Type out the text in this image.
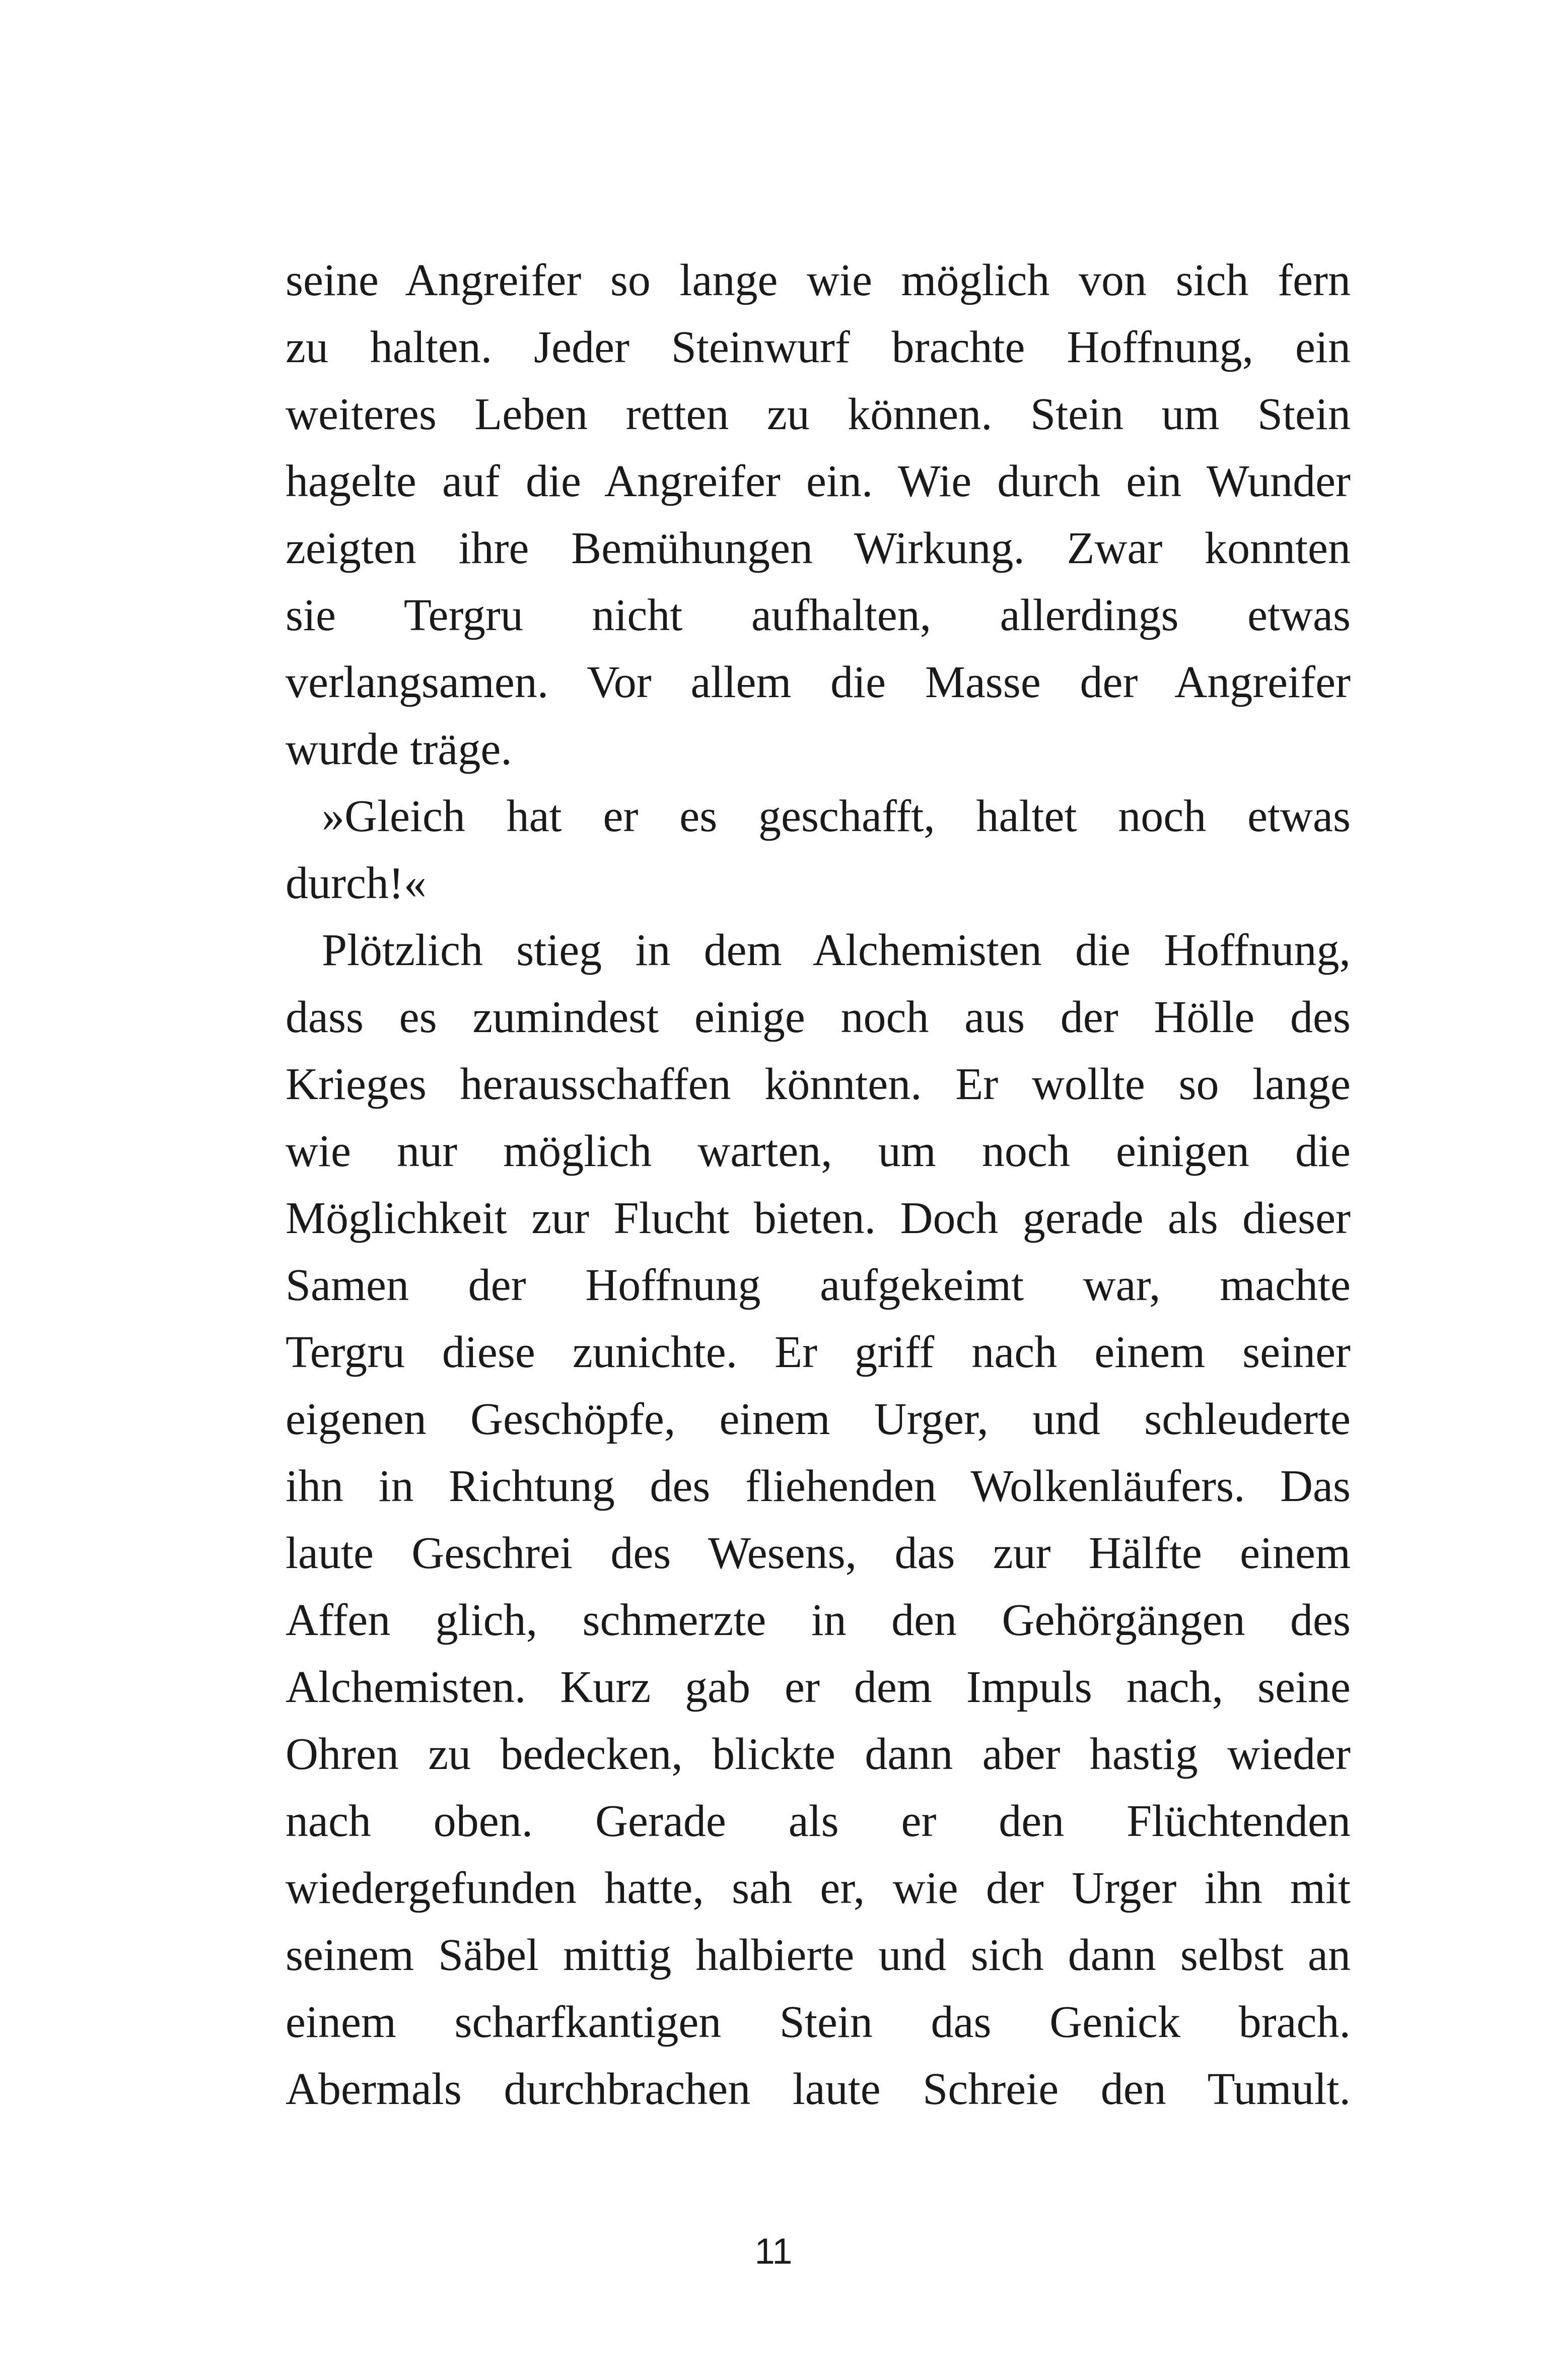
seine Angreifer so lange wie möglich von sich fern
zu halten. Jeder Steinwurf brachte Hoffnung, ein
weiteres Leben retten zu können. Stein um Stein
hagelte auf die Angreifer ein. Wie durch ein Wunder
zeigten ihre Bemühungen Wirkung. Zwar konnten
sie Tergru nicht aufhalten, allerdings etwas
verlangsamen. Vor allem die Masse der Angreifer
wurde träge.
»Gleich hat er es geschafft, haltet noch etwas
durch!«
Plötzlich stieg in dem Alchemisten die Hoffnung,
dass es zumindest einige noch aus der Hölle des
Krieges herausschaffen könnten. Er wollte so lange
wie nur möglich warten, um noch einigen die
Möglichkeit zur Flucht bieten. Doch gerade als dieser
Samen der Hoffnung aufgekeimt war, machte
Tergru diese zunichte. Er griff nach einem seiner
eigenen Geschöpfe, einem Urger, und schleuderte
ihn in Richtung des fliehenden Wolkenläufers. Das
laute Geschrei des Wesens, das zur Hälfte einem
Affen glich, schmerzte in den Gehörgängen des
Alchemisten. Kurz gab er dem Impuls nach, seine
Ohren zu bedecken, blickte dann aber hastig wieder
nach oben. Gerade als er den Flüchtenden
wiedergefunden hatte, sah er, wie der Urger ihn mit
seinem Säbel mittig halbierte und sich dann selbst an
einem scharfkantigen Stein das Genick brach.
Abermals durchbrachen laute Schreie den Tumult.
11
